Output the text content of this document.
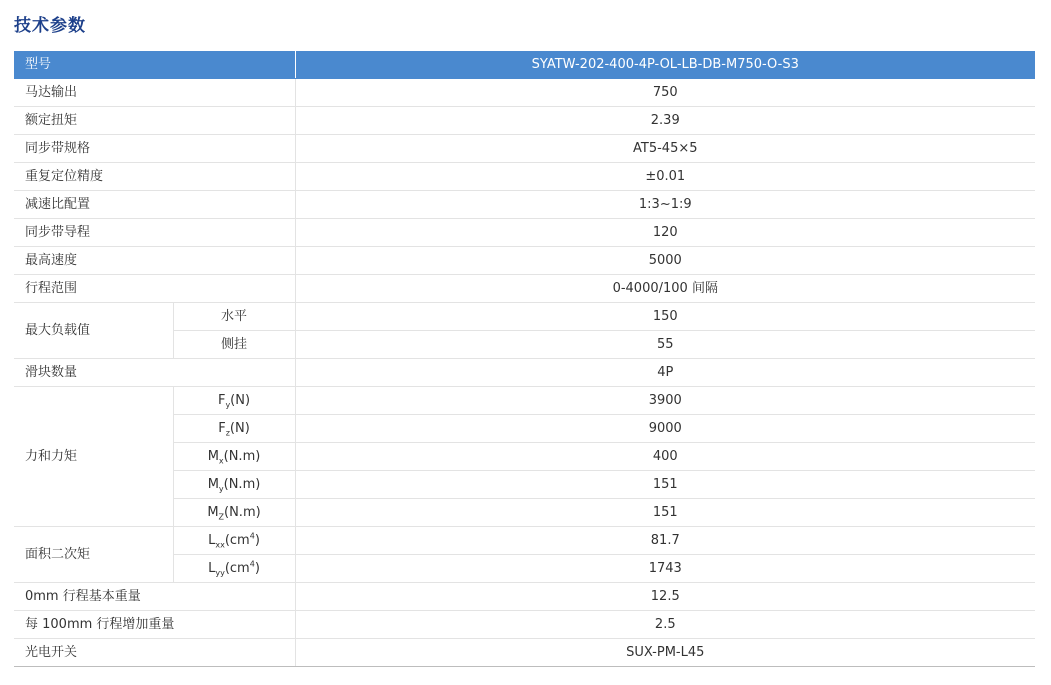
技术参数
型号		SYATW-202-400-4P-OL-LB-DB-M750-O-S3
马达输出		750
额定扭矩		2.39
同步带规格		AT5-45×5
重复定位精度		±0.01
减速比配置		1:3~1:9
同步带导程		120
最高速度		5000
行程范围		0-4000/100 间隔
最大负载值	水平	150
	侧挂	55
滑块数量		4P
力和力矩	$F_y(N)$	3900
	$F_z(N)$	9000
	$M_x(N.m)$	400
	$M_y(N.m)$	151
	$M_Z(N.m)$	151
面积二次矩	$L_{xx}(cm^4)$	81.7
	$L_{yy}(cm^4)$	1743
0mm 行程基本重量		12.5
每 100mm 行程增加重量		2.5
光电开关		SUX-PM-L45
